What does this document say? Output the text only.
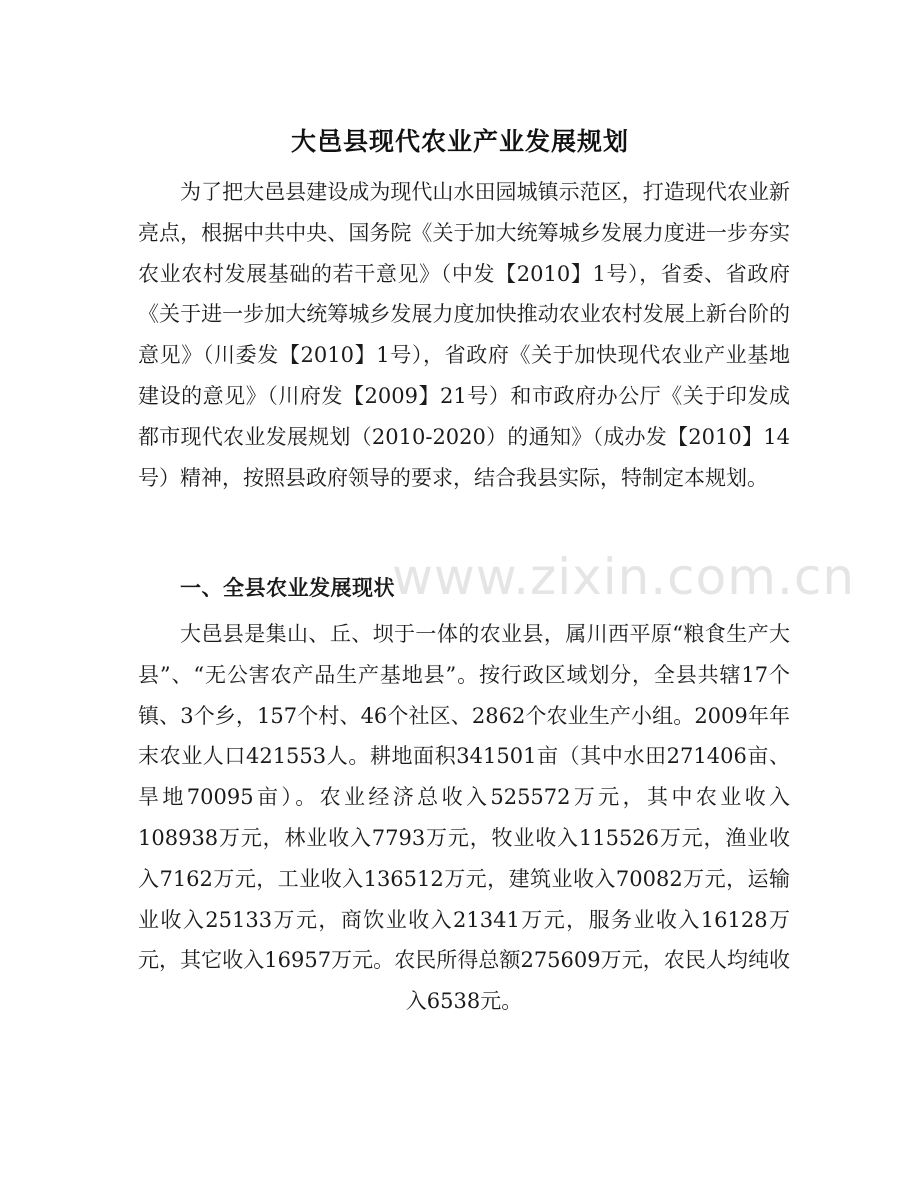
大邑县现代农业产业发展规划
为了把大邑县建设成为现代山水田园城镇示范区，打造现代农业新亮点，根据中共中央、国务院《关于加大统筹城乡发展力度进一步夯实农业农村发展基础的若干意见》（中发【2010】1号），省委、省政府《关于进一步加大统筹城乡发展力度加快推动农业农村发展上新台阶的意见》（川委发【2010】1号），省政府《关于加快现代农业产业基地建设的意见》（川府发【2009】21号）和市政府办公厅《关于印发成都市现代农业发展规划（2010-2020）的通知》（成办发【2010】14号）精神，按照县政府领导的要求，结合我县实际，特制定本规划。
一、全县农业发展现状
大邑县是集山、丘、坝于一体的农业县，属川西平原“粮食生产大县”、“无公害农产品生产基地县”。按行政区域划分，全县共辖17个镇、3个乡，157个村、46个社区、2862个农业生产小组。2009年年末农业人口421553人。耕地面积341501亩（其中水田271406亩、旱地70095亩）。农业经济总收入525572万元，其中农业收入108938万元，林业收入7793万元，牧业收入115526万元，渔业收入7162万元，工业收入136512万元，建筑业收入70082万元，运输业收入25133万元，商饮业收入21341万元，服务业收入16128万元，其它收入16957万元。农民所得总额275609万元，农民人均纯收入6538元。
www.zixin.com.cn
